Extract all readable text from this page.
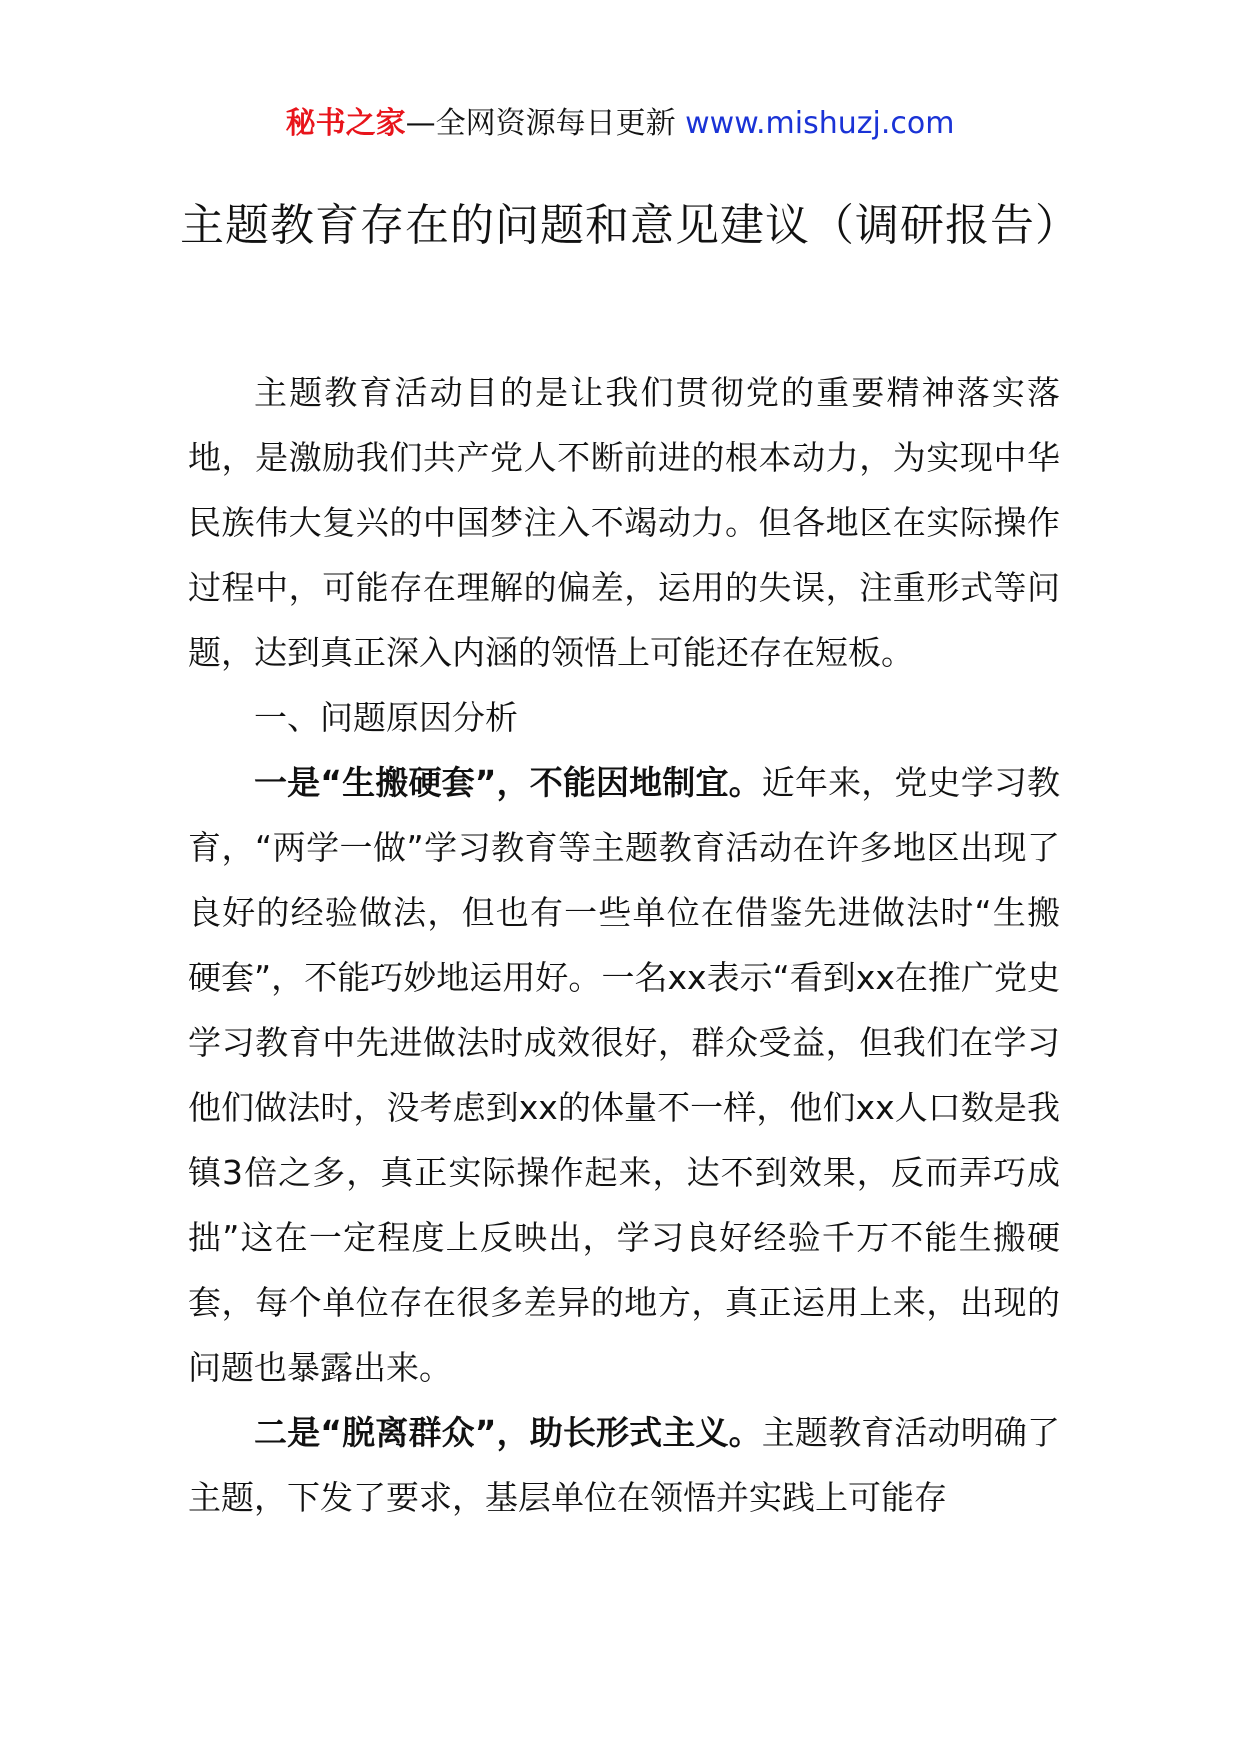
秘书之家—全网资源每日更新 www.mishuzj.com
主题教育存在的问题和意见建议（调研报告）

主题教育活动目的是让我们贯彻党的重要精神落实落地，是激励我们共产党人不断前进的根本动力，为实现中华民族伟大复兴的中国梦注入不竭动力。但各地区在实际操作过程中，可能存在理解的偏差，运用的失误，注重形式等问题，达到真正深入内涵的领悟上可能还存在短板。

一、问题原因分析

一是“生搬硬套”，不能因地制宜。近年来，党史学习教育，“两学一做”学习教育等主题教育活动在许多地区出现了良好的经验做法，但也有一些单位在借鉴先进做法时“生搬硬套”，不能巧妙地运用好。一名xx表示“看到xx在推广党史学习教育中先进做法时成效很好，群众受益，但我们在学习他们做法时，没考虑到xx的体量不一样，他们xx人口数是我镇3倍之多，真正实际操作起来，达不到效果，反而弄巧成拙”这在一定程度上反映出，学习良好经验千万不能生搬硬套，每个单位存在很多差异的地方，真正运用上来，出现的问题也暴露出来。

二是“脱离群众”，助长形式主义。主题教育活动明确了主题，下发了要求，基层单位在领悟并实践上可能存
